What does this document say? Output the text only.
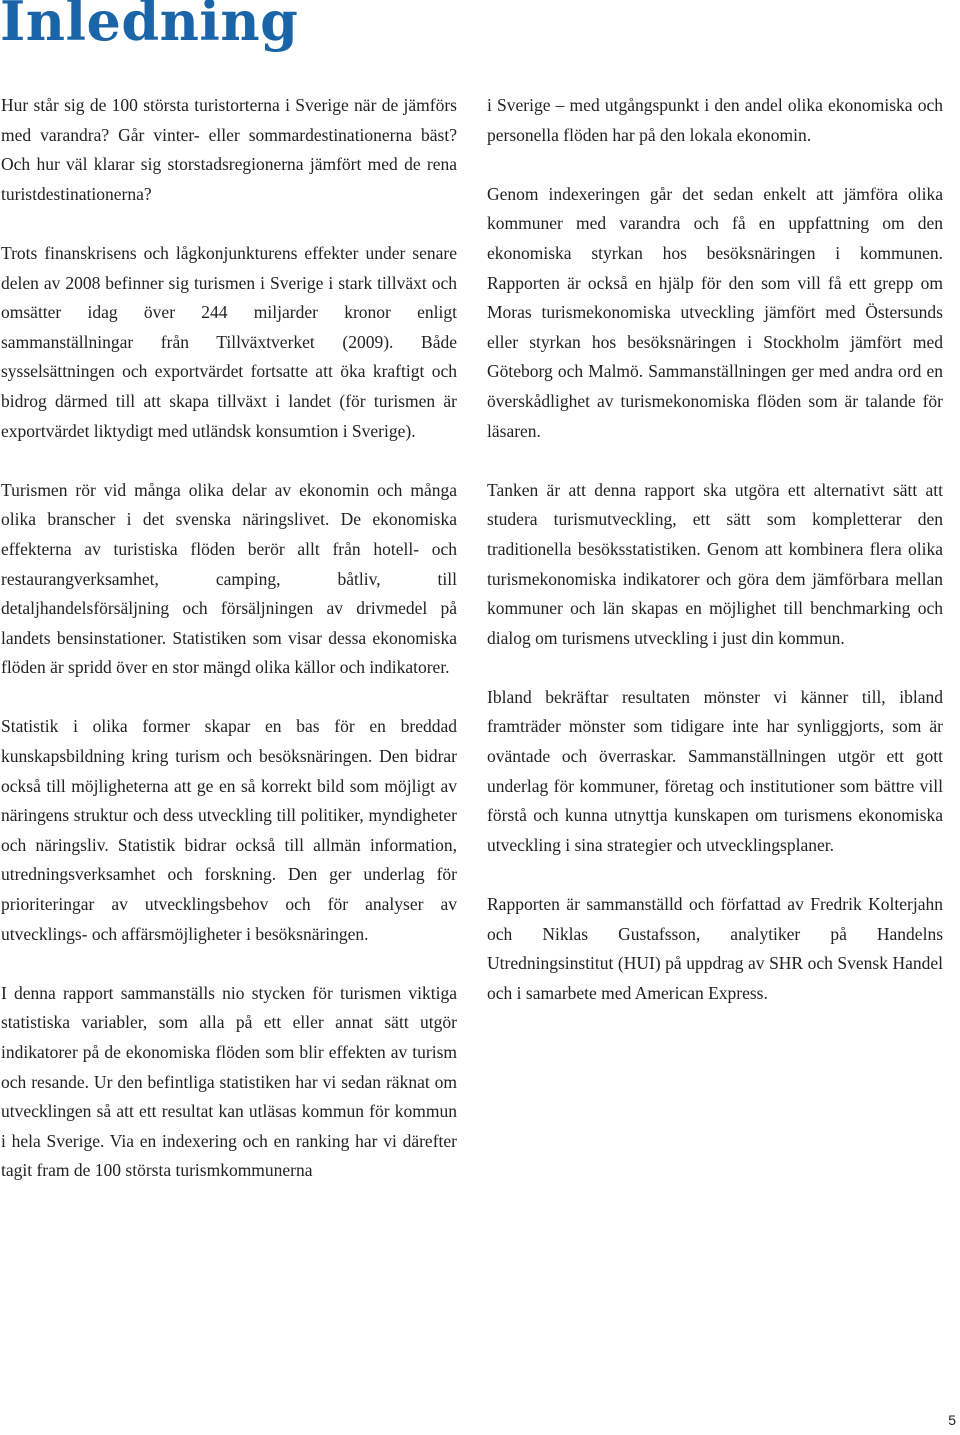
Inledning

Hur står sig de 100 största turistorterna i Sverige när de jämförs med varandra? Går vinter- eller sommardestinationerna bäst? Och hur väl klarar sig storstadsregionerna jämfört med de rena turistdestinationerna?

Trots finanskrisens och lågkonjunkturens effekter under senare delen av 2008 befinner sig turismen i Sverige i stark tillväxt och omsätter idag över 244 miljarder kronor enligt sammanställningar från Tillväxtverket (2009). Både sysselsättningen och exportvärdet fortsatte att öka kraftigt och bidrog därmed till att skapa tillväxt i landet (för turismen är exportvärdet liktydigt med utländsk konsumtion i Sverige).

Turismen rör vid många olika delar av ekonomin och många olika branscher i det svenska näringslivet. De ekonomiska effekterna av turistiska flöden berör allt från hotell- och restaurangverksamhet, camping, båtliv, till detaljhandelsförsäljning och försäljningen av drivmedel på landets bensinstationer. Statistiken som visar dessa ekonomiska flöden är spridd över en stor mängd olika källor och indikatorer.

Statistik i olika former skapar en bas för en breddad kunskapsbildning kring turism och besöksnäringen. Den bidrar också till möjligheterna att ge en så korrekt bild som möjligt av näringens struktur och dess utveckling till politiker, myndigheter och näringsliv. Statistik bidrar också till allmän information, utredningsverksamhet och forskning. Den ger underlag för prioriteringar av utvecklingsbehov och för analyser av utvecklings- och affärsmöjligheter i besöksnäringen.

I denna rapport sammanställs nio stycken för turismen viktiga statistiska variabler, som alla på ett eller annat sätt utgör indikatorer på de ekonomiska flöden som blir effekten av turism och resande. Ur den befintliga statistiken har vi sedan räknat om utvecklingen så att ett resultat kan utläsas kommun för kommun i hela Sverige. Via en indexering och en ranking har vi därefter tagit fram de 100 största turismkommunerna

i Sverige – med utgångspunkt i den andel olika ekonomiska och personella flöden har på den lokala ekonomin.

Genom indexeringen går det sedan enkelt att jämföra olika kommuner med varandra och få en uppfattning om den ekonomiska styrkan hos besöksnäringen i kommunen. Rapporten är också en hjälp för den som vill få ett grepp om Moras turismekonomiska utveckling jämfört med Östersunds eller styrkan hos besöksnäringen i Stockholm jämfört med Göteborg och Malmö. Sammanställningen ger med andra ord en överskådlighet av turismekonomiska flöden som är talande för läsaren.

Tanken är att denna rapport ska utgöra ett alternativt sätt att studera turismutveckling, ett sätt som kompletterar den traditionella besöksstatistiken. Genom att kombinera flera olika turismekonomiska indikatorer och göra dem jämförbara mellan kommuner och län skapas en möjlighet till benchmarking och dialog om turismens utveckling i just din kommun.

Ibland bekräftar resultaten mönster vi känner till, ibland framträder mönster som tidigare inte har synliggjorts, som är oväntade och överraskar. Sammanställningen utgör ett gott underlag för kommuner, företag och institutioner som bättre vill förstå och kunna utnyttja kunskapen om turismens ekonomiska utveckling i sina strategier och utvecklingsplaner.

Rapporten är sammanställd och författad av Fredrik Kolterjahn och Niklas Gustafsson, analytiker på Handelns Utredningsinstitut (HUI) på uppdrag av SHR och Svensk Handel och i samarbete med American Express.

5
